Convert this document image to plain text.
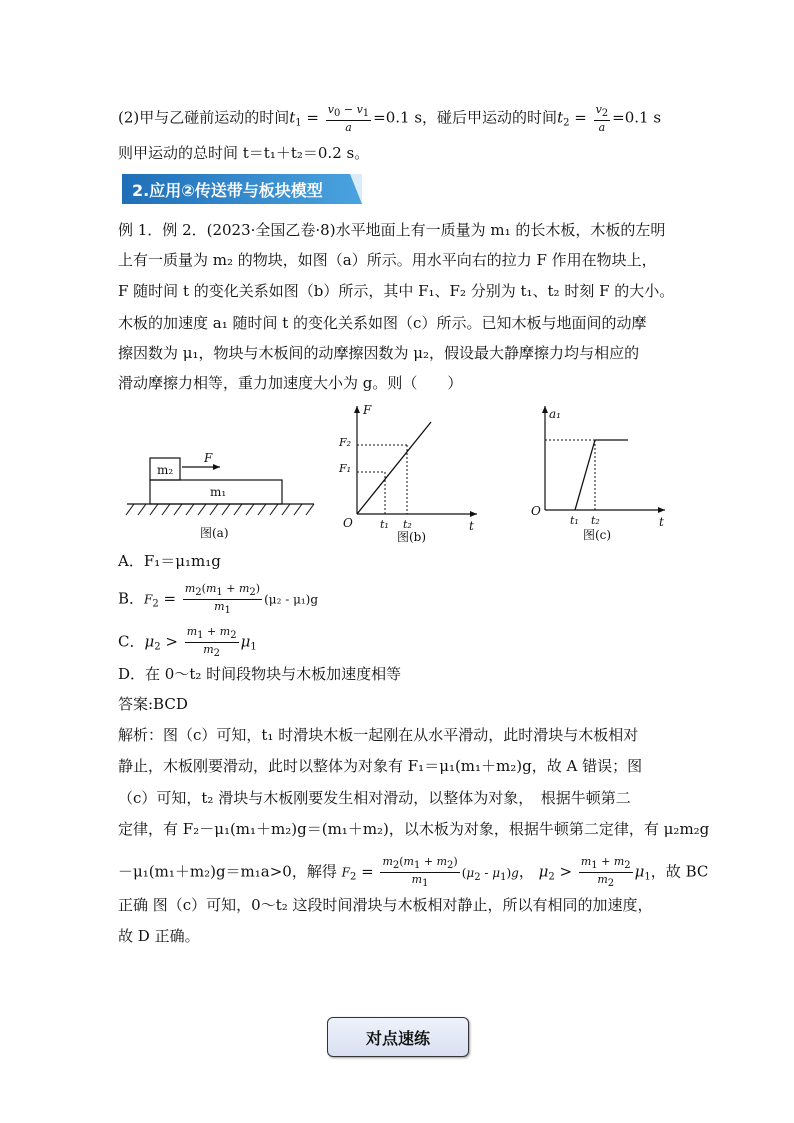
(2)甲与乙碰前运动的时间$t_1 = \frac{v_0 - v_1}{a} =0.1$ s，碰后甲运动的时间$t_2 = \frac{v_2}{a} =0.1$ s
则甲运动的总时间 t＝t₁＋t₂＝0.2 s。
2.应用②传送带与板块模型
例 1．例 2．(2023·全国乙卷·8)水平地面上有一质量为 m₁ 的长木板，木板的左明
上有一质量为 m₂ 的物块，如图（a）所示。用水平向右的拉力 F 作用在物块上，
F 随时间 t 的变化关系如图（b）所示，其中 F₁、F₂ 分别为 t₁、t₂ 时刻 F 的大小。
木板的加速度 a₁ 随时间 t 的变化关系如图（c）所示。已知木板与地面间的动摩
擦因数为 μ₁，物块与木板间的动摩擦因数为 μ₂，假设最大静摩擦力均与相应的
滑动摩擦力相等，重力加速度大小为 g。则（　　）
m₂
F
m₁
图(a)
F
O	t
F₁
F₂
t₁ t₂
图(b)
a₁
O
t
t₁ t₂
图(c)
A．F₁＝μ₁m₁g
B．$F_2 = \frac{m_2(m_1 + m_2)}{m_1} (\mu_2 - \mu_1)g$
C．$\mu_2 > \frac{m_1 + m_2}{m_2} \mu_1$
D．在 0～t₂ 时间段物块与木板加速度相等
答案:BCD
解析：图（c）可知，t₁ 时滑块木板一起刚在从水平滑动，此时滑块与木板相对
静止，木板刚要滑动，此时以整体为对象有 F₁＝μ₁(m₁＋m₂)g，故 A 错误；图
（c）可知，t₂ 滑块与木板刚要发生相对滑动，以整体为对象，　根据牛顿第二
定律，有 F₂－μ₁(m₁＋m₂)g＝(m₁＋m₂)，以木板为对象，根据牛顿第二定律，有 μ₂m₂g
－μ₁(m₁＋m₂)g＝m₁a>0，解得 $F_2 = \frac{m_2(m_1 + m_2)}{m_1} (\mu_2 - \mu_1)g$， $\mu_2 > \frac{m_1 + m_2}{m_2} \mu_1$，故 BC
正确 图（c）可知，0～t₂ 这段时间滑块与木板相对静止，所以有相同的加速度，
故 D 正确。
对点速练
